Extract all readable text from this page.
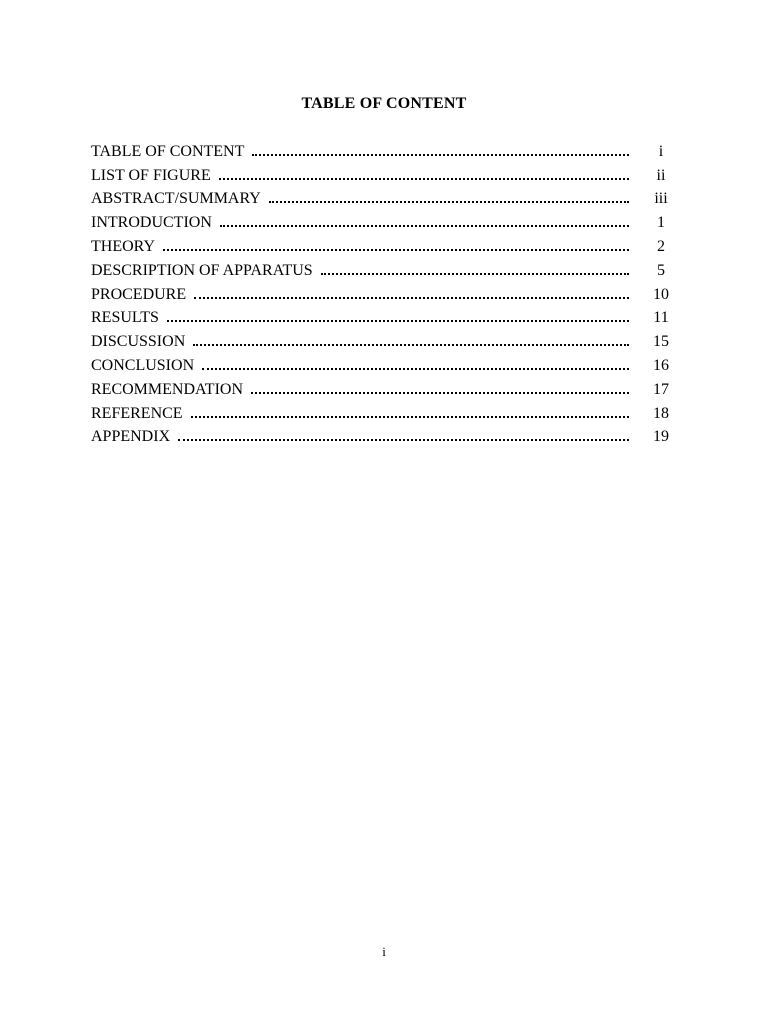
TABLE OF CONTENT
TABLE OF CONTENT	i
LIST OF FIGURE	ii
ABSTRACT/SUMMARY	iii
INTRODUCTION	1
THEORY	2
DESCRIPTION OF APPARATUS	5
PROCEDURE	10
RESULTS	11
DISCUSSION	15
CONCLUSION	16
RECOMMENDATION	17
REFERENCE	18
APPENDIX	19
i
